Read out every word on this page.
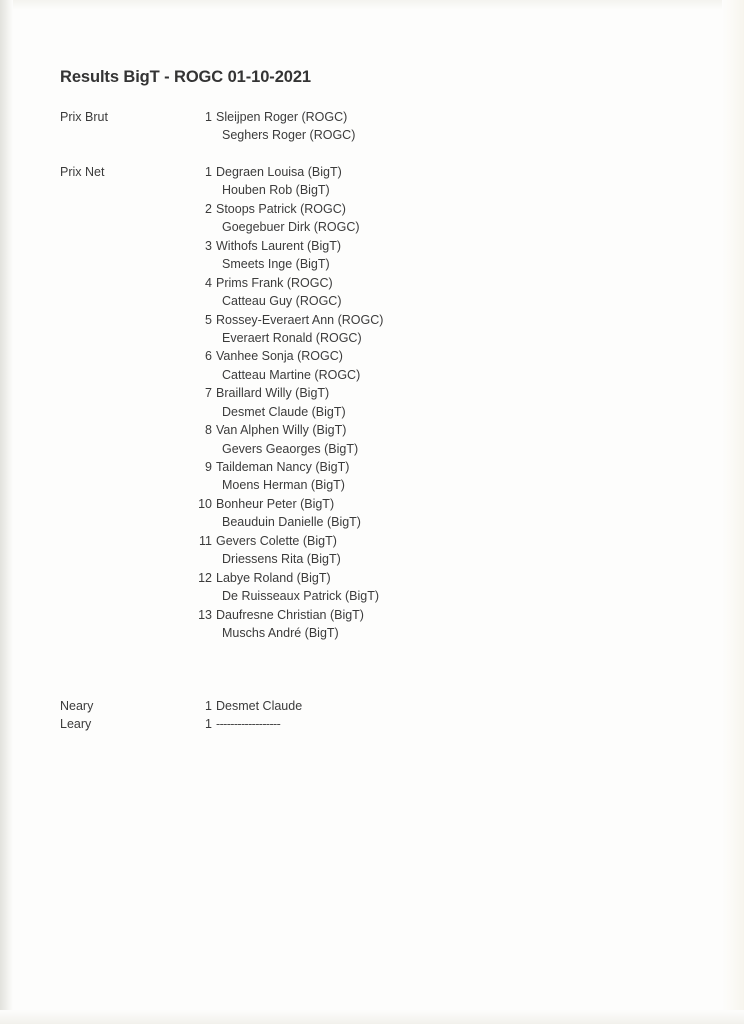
Results BigT - ROGC 01-10-2021
Prix Brut	1 Sleijpen Roger (ROGC)
Seghers Roger (ROGC)
Prix Net	1 Degraen Louisa (BigT)
Houben Rob (BigT)
2 Stoops Patrick (ROGC)
Goegebuer Dirk (ROGC)
3 Withofs Laurent (BigT)
Smeets Inge (BigT)
4 Prims Frank (ROGC)
Catteau Guy (ROGC)
5 Rossey-Everaert Ann (ROGC)
Everaert Ronald (ROGC)
6 Vanhee Sonja (ROGC)
Catteau Martine (ROGC)
7 Braillard Willy (BigT)
Desmet Claude (BigT)
8 Van Alphen Willy (BigT)
Gevers Geaorges (BigT)
9 Taildeman Nancy (BigT)
Moens Herman (BigT)
10 Bonheur Peter (BigT)
Beauduin Danielle (BigT)
11 Gevers Colette (BigT)
Driessens Rita (BigT)
12 Labye Roland (BigT)
De Ruisseaux Patrick (BigT)
13 Daufresne Christian (BigT)
Muschs André (BigT)
Neary	1 Desmet Claude
Leary	1 ------------------
